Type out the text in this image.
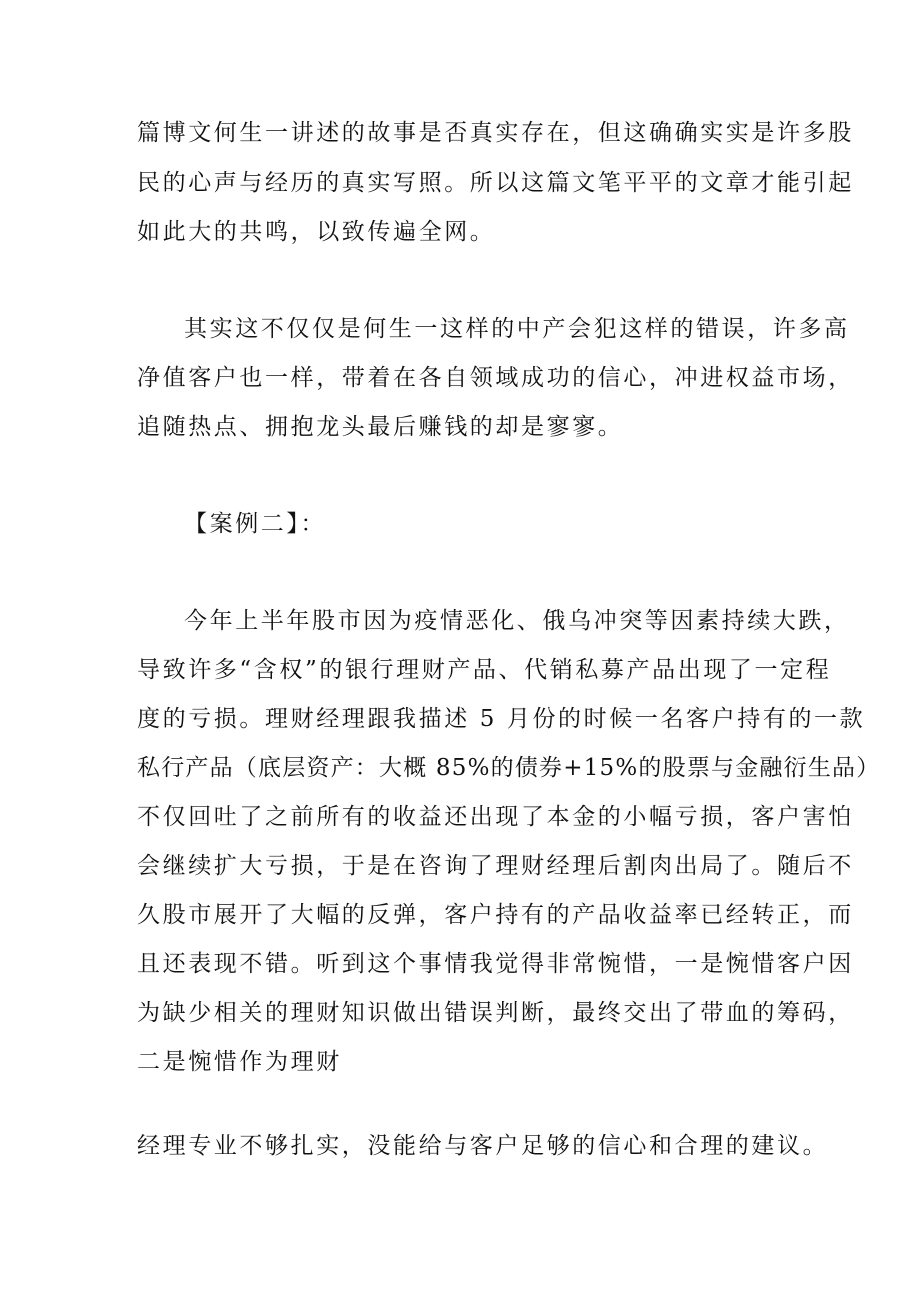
篇博文何生一讲述的故事是否真实存在，但这确确实实是许多股
民的心声与经历的真实写照。所以这篇文笔平平的文章才能引起
如此大的共鸣，以致传遍全网。
其实这不仅仅是何生一这样的中产会犯这样的错误，许多高
净值客户也一样，带着在各自领域成功的信心，冲进权益市场，
追随热点、拥抱龙头最后赚钱的却是寥寥。
【案例二】：
今年上半年股市因为疫情恶化、俄乌冲突等因素持续大跌，
导致许多“含权”的银行理财产品、代销私募产品出现了一定程
度的亏损。理财经理跟我描述 5 月份的时候一名客户持有的一款
私行产品（底层资产：大概 85%的债券+15%的股票与金融衍生品）
不仅回吐了之前所有的收益还出现了本金的小幅亏损，客户害怕
会继续扩大亏损，于是在咨询了理财经理后割肉出局了。随后不
久股市展开了大幅的反弹，客户持有的产品收益率已经转正，而
且还表现不错。听到这个事情我觉得非常惋惜，一是惋惜客户因
为缺少相关的理财知识做出错误判断，最终交出了带血的筹码，
二是惋惜作为理财
经理专业不够扎实，没能给与客户足够的信心和合理的建议。
